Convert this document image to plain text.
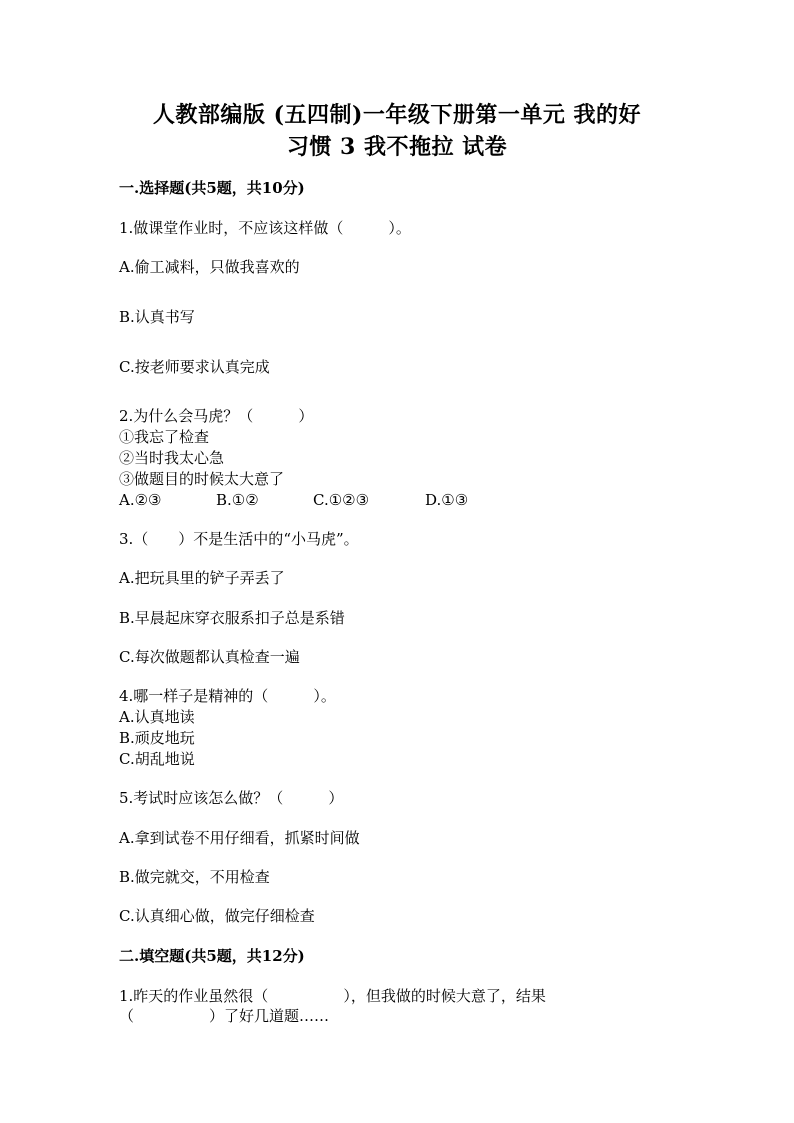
人教部编版 (五四制)一年级下册第一单元 我的好
习惯 3 我不拖拉 试卷
一.选择题(共5题，共10分)
1.做课堂作业时，不应该这样做（　　　）。
A.偷工减料，只做我喜欢的
B.认真书写
C.按老师要求认真完成
2.为什么会马虎？（　　　）
①我忘了检查
②当时我太心急
③做题目的时候太大意了
A.②③	B.①②	C.①②③	D.①③
3.（　　）不是生活中的“小马虎”。
A.把玩具里的铲子弄丢了
B.早晨起床穿衣服系扣子总是系错
C.每次做题都认真检查一遍
4.哪一样子是精神的（　　　）。
A.认真地读
B.顽皮地玩
C.胡乱地说
5.考试时应该怎么做？（　　　）
A.拿到试卷不用仔细看，抓紧时间做
B.做完就交，不用检查
C.认真细心做，做完仔细检查
二.填空题(共5题，共12分)
1.昨天的作业虽然很（　　　　　），但我做的时候大意了，结果
（　　　　　）了好几道题……
